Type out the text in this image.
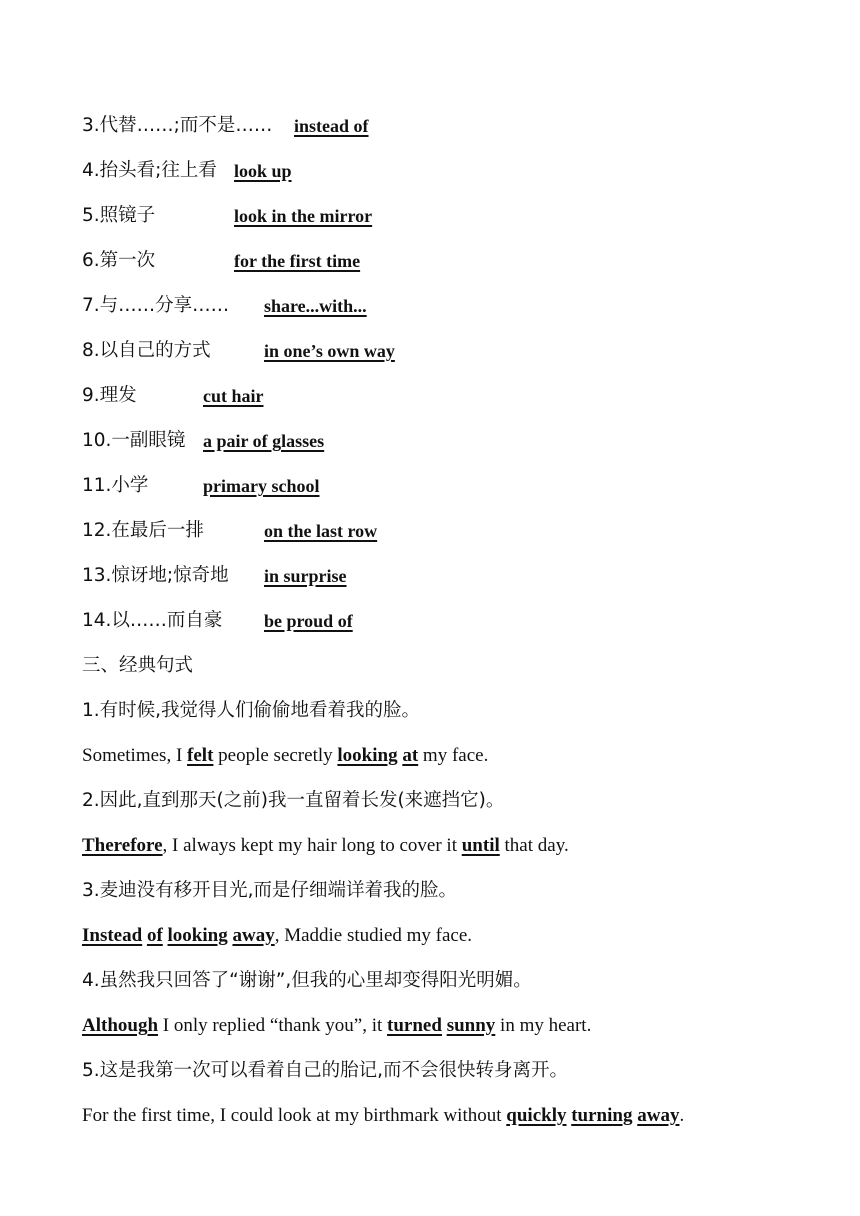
3.代替……;而不是…… instead of
4.抬头看;往上看 look up
5.照镜子	look in the mirror
6.第一次	for the first time
7.与……分享…… share...with...
8.以自己的方式	in one’s own way
9.理发	cut hair
10.一副眼镜 a pair of glasses
11.小学	primary school
12.在最后一排	on the last row
13.惊讶地;惊奇地 in surprise
14.以……而自豪 be proud of
三、经典句式
1.有时候,我觉得人们偷偷地看着我的脸。
Sometimes, I felt people secretly looking at my face.
2.因此,直到那天(之前)我一直留着长发(来遮挡它)。
Therefore, I always kept my hair long to cover it until that day.
3.麦迪没有移开目光,而是仔细端详着我的脸。
Instead of looking away, Maddie studied my face.
4.虽然我只回答了“谢谢”,但我的心里却变得阳光明媚。
Although I only replied “thank you”, it turned sunny in my heart.
5.这是我第一次可以看着自己的胎记,而不会很快转身离开。
For the first time, I could look at my birthmark without quickly turning away.
